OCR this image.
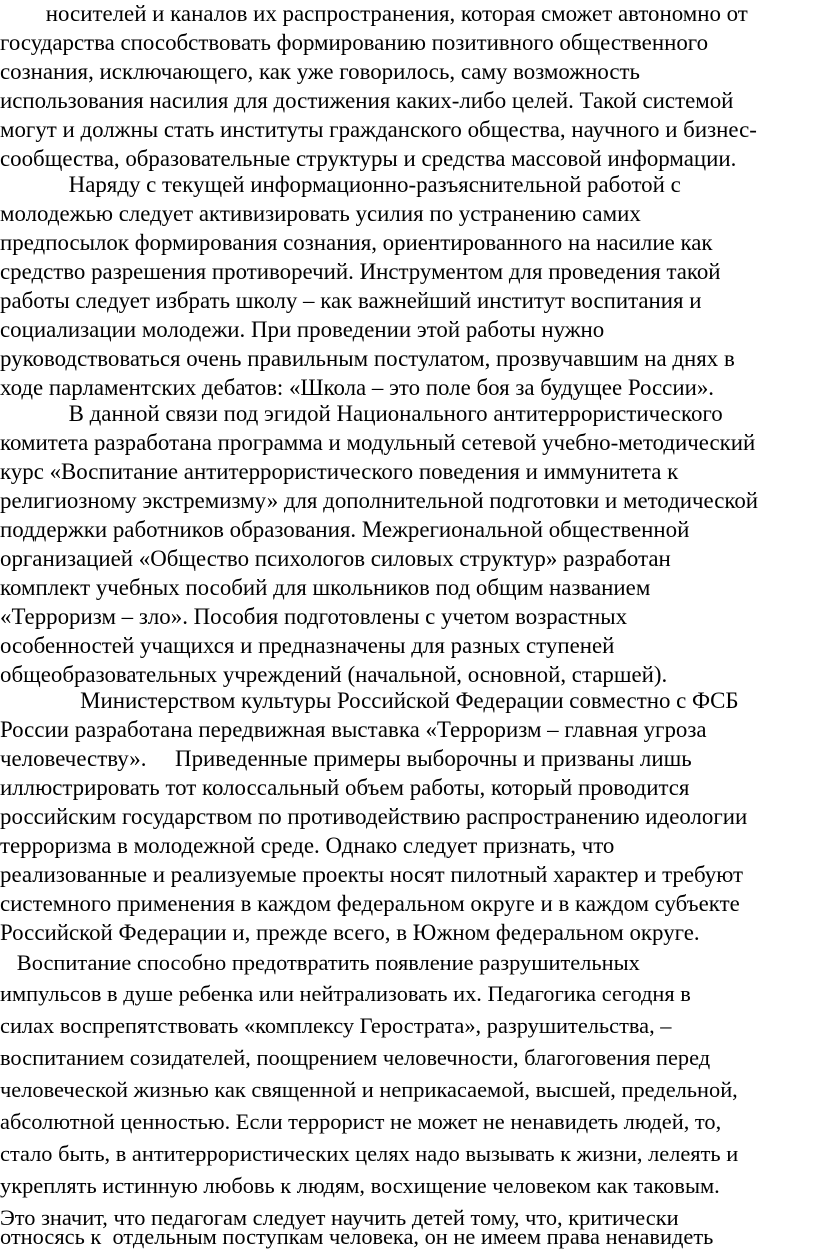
носителей и каналов их распространения, которая сможет автономно от
государства способствовать формированию позитивного общественного
сознания, исключающего, как уже говорилось, саму возможность
использования насилия для достижения каких-либо целей. Такой системой
могут и должны стать институты гражданского общества, научного и бизнес-
сообщества, образовательные структуры и средства массовой информации.
Наряду с текущей информационно-разъяснительной работой с
молодежью следует активизировать усилия по устранению самих
предпосылок формирования сознания, ориентированного на насилие как
средство разрешения противоречий. Инструментом для проведения такой
работы следует избрать школу – как важнейший институт воспитания и
социализации молодежи. При проведении этой работы нужно
руководствоваться очень правильным постулатом, прозвучавшим на днях в
ходе парламентских дебатов: «Школа – это поле боя за будущее России».
В данной связи под эгидой Национального антитеррористического
комитета разработана программа и модульный сетевой учебно-методический
курс «Воспитание антитеррористического поведения и иммунитета к
религиозному экстремизму» для дополнительной подготовки и методической
поддержки работников образования. Межрегиональной общественной
организацией «Общество психологов силовых структур» разработан
комплект учебных пособий для школьников под общим названием
«Терроризм – зло». Пособия подготовлены с учетом возрастных
особенностей учащихся и предназначены для разных ступеней
общеобразовательных учреждений (начальной, основной, старшей).
Министерством культуры Российской Федерации совместно с ФСБ
России разработана передвижная выставка «Терроризм – главная угроза
человечеству».     Приведенные примеры выборочны и призваны лишь
иллюстрировать тот колоссальный объем работы, который проводится
российским государством по противодействию распространению идеологии
терроризма в молодежной среде. Однако следует признать, что
реализованные и реализуемые проекты носят пилотный характер и требуют
системного применения в каждом федеральном округе и в каждом субъекте
Российской Федерации и, прежде всего, в Южном федеральном округе.
Воспитание способно предотвратить появление разрушительных
импульсов в душе ребенка или нейтрализовать их. Педагогика сегодня в
силах воспрепятствовать «комплексу Герострата», разрушительства, –
воспитанием созидателей, поощрением человечности, благоговения перед
человеческой жизнью как священной и неприкасаемой, высшей, предельной,
абсолютной ценностью. Если террорист не может не ненавидеть людей, то,
стало быть, в антитеррористических целях надо вызывать к жизни, лелеять и
укреплять истинную любовь к людям, восхищение человеком как таковым.
Это значит, что педагогам следует научить детей тому, что, критически
относясь к  отдельным поступкам человека, он не имеем права ненавидеть
